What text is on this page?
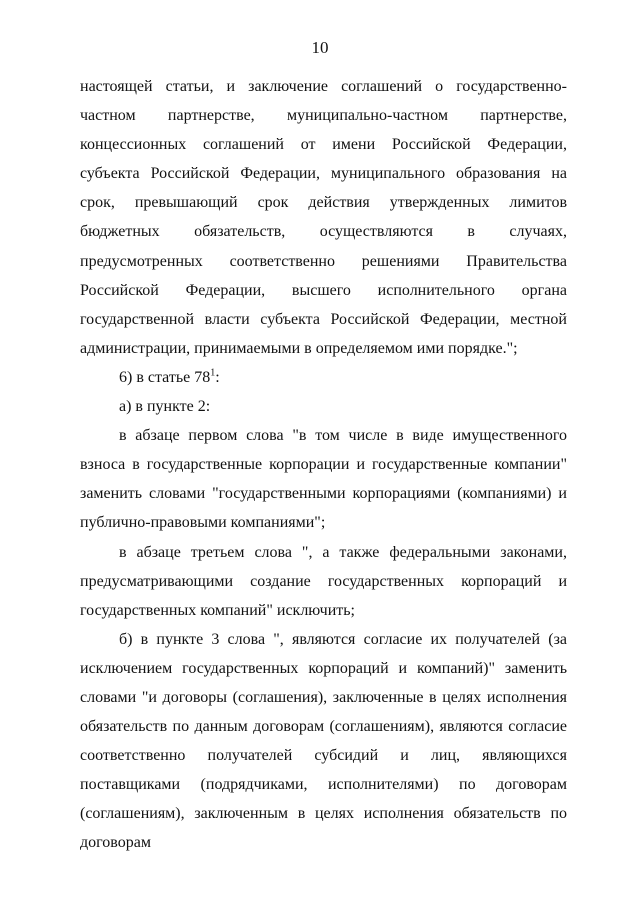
10

настоящей статьи, и заключение соглашений о государственно-частном партнерстве, муниципально-частном партнерстве, концессионных соглашений от имени Российской Федерации, субъекта Российской Федерации, муниципального образования на срок, превышающий срок действия утвержденных лимитов бюджетных обязательств, осуществляются в случаях, предусмотренных соответственно решениями Правительства Российской Федерации, высшего исполнительного органа государственной власти субъекта Российской Федерации, местной администрации, принимаемыми в определяемом ими порядке.";

6) в статье $78^1$:

а) в пункте 2:

в абзаце первом слова "в том числе в виде имущественного взноса в государственные корпорации и государственные компании" заменить словами "государственными корпорациями (компаниями) и публично-правовыми компаниями";

в абзаце третьем слова ", а также федеральными законами, предусматривающими создание государственных корпораций и государственных компаний" исключить;

б) в пункте 3 слова ", являются согласие их получателей (за исключением государственных корпораций и компаний)" заменить словами "и договоры (соглашения), заключенные в целях исполнения обязательств по данным договорам (соглашениям), являются согласие соответственно получателей субсидий и лиц, являющихся поставщиками (подрядчиками, исполнителями) по договорам (соглашениям), заключенным в целях исполнения обязательств по договорам
